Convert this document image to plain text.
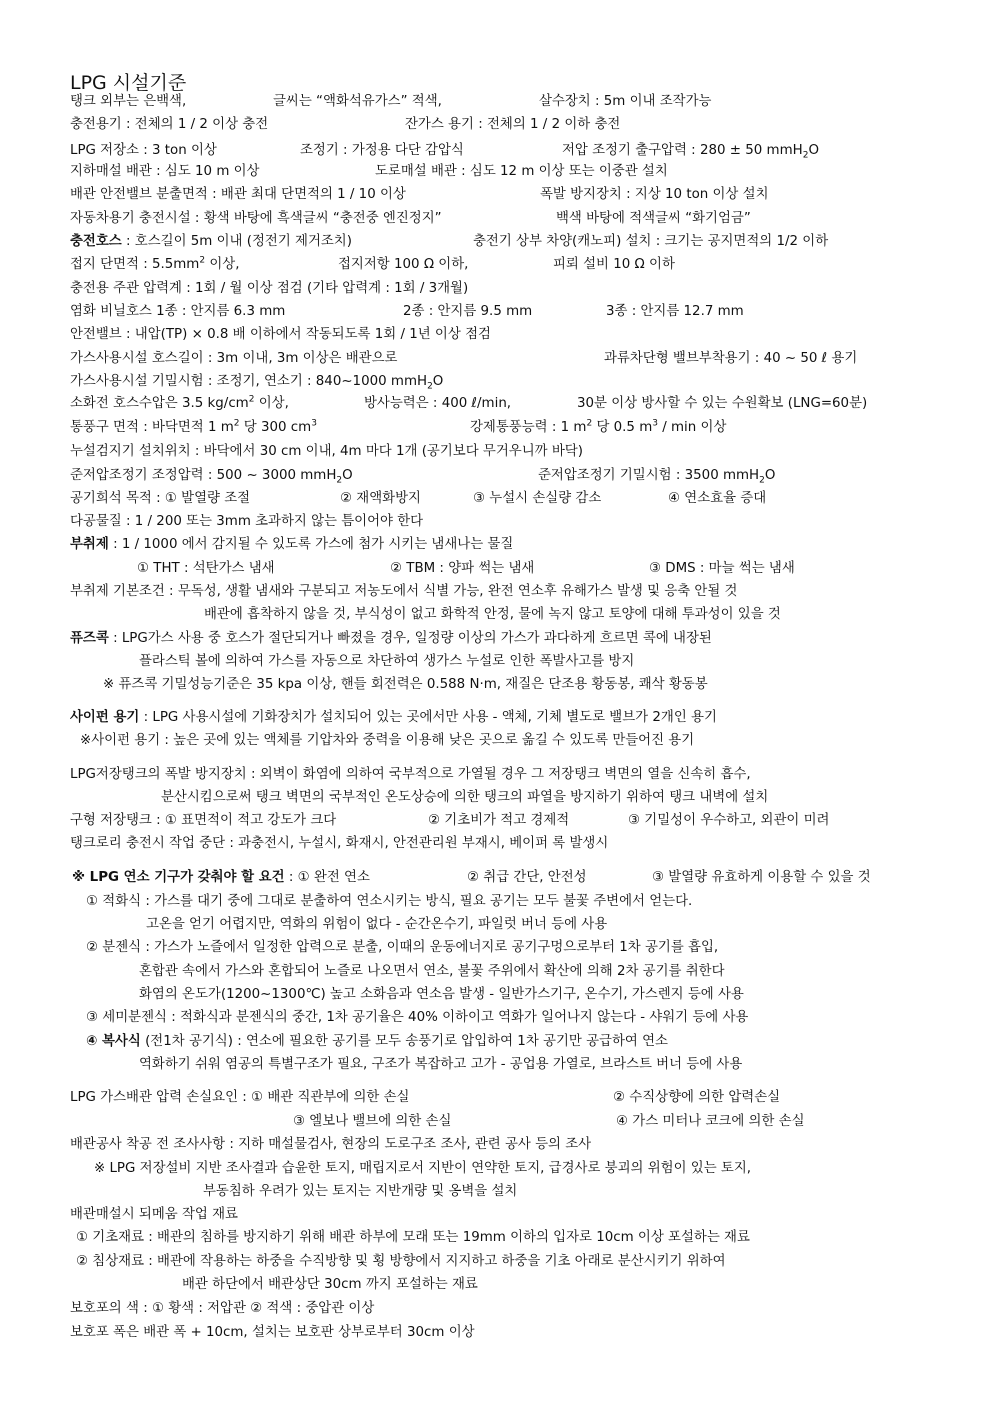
LPG 시설기준
탱크 외부는 은백색,	글씨는 “액화석유가스” 적색,	살수장치 : 5m 이내 조작가능
충전용기 : 전체의 1 / 2 이상 충전	잔가스 용기 : 전체의 1 / 2 이하 충전
LPG 저장소 : 3 ton 이상	조정기 : 가정용 다단 감압식	저압 조정기 출구압력 : 280 ± 50 mmH$_2$O
지하매설 배관 : 심도 10 m 이상	도로매설 배관 : 심도 12 m 이상 또는 이중관 설치
배관 안전밸브 분출면적 : 배관 최대 단면적의 1 / 10 이상	폭발 방지장치 : 지상 10 ton 이상 설치
자동차용기 충전시설 : 황색 바탕에 흑색글씨 “충전중 엔진정지”	백색 바탕에 적색글씨 “화기엄금”
충전호스 : 호스길이 5m 이내 (정전기 제거조치)	충전기 상부 차양(캐노피) 설치 : 크기는 공지면적의 1/2 이하
접지 단면적 : $5.5mm^2$ 이상,	접지저항 100 Ω 이하,	피뢰 설비 10 Ω 이하
충전용 주관 압력계 : 1회 / 월 이상 점검 (기타 압력계 : 1회 / 3개월)
염화 비닐호스 1종 : 안지름 6.3 mm	2종 : 안지름 9.5 mm	3종 : 안지름 12.7 mm
안전밸브 : 내압(TP) × 0.8 배 이하에서 작동되도록 1회 / 1년 이상 점검
가스사용시설 호스길이 : 3m 이내, 3m 이상은 배관으로	과류차단형 밸브부착용기 : 40 ~ 50 ℓ 용기
가스사용시설 기밀시험 : 조정기, 연소기 : 840~1000 mmH$_2$O
소화전 호스수압은 3.5 $kg/cm^2$ 이상,	방사능력은 : 400 ℓ/min,	30분 이상 방사할 수 있는 수원확보 (LNG=60분)
통풍구 면적 : 바닥면적 1 $m^2$ 당 300 $cm^3$	강제통풍능력 : 1 $m^2$ 당 0.5 $m^3$ / min 이상
누설검지기 설치위치 : 바닥에서 30 cm 이내, 4m 마다 1개 (공기보다 무거우니까 바닥)
준저압조정기 조정압력 : 500 ~ 3000 mmH$_2$O	준저압조정기 기밀시험 : 3500 mmH$_2$O
공기희석 목적 : ① 발열량 조절	② 재액화방지	③ 누설시 손실량 감소	④ 연소효율 증대
다공물질 : 1 / 200 또는 3mm 초과하지 않는 틈이어야 한다
부취제 : 1 / 1000 에서 감지될 수 있도록 가스에 첨가 시키는 냄새나는 물질
① THT : 석탄가스 냄새	② TBM : 양파 썩는 냄새	③ DMS : 마늘 썩는 냄새
부취제 기본조건 : 무독성, 생활 냄새와 구분되고 저농도에서 식별 가능, 완전 연소후 유해가스 발생 및 응축 안될 것
배관에 흡착하지 않을 것, 부식성이 없고 화학적 안정, 물에 녹지 않고 토양에 대해 투과성이 있을 것
퓨즈콕 : LPG가스 사용 중 호스가 절단되거나 빠졌을 경우, 일정량 이상의 가스가 과다하게 흐르면 콕에 내장된
플라스틱 볼에 의하여 가스를 자동으로 차단하여 생가스 누설로 인한 폭발사고를 방지
※ 퓨즈콕 기밀성능기준은 35 kpa 이상, 핸들 회전력은 0.588 N·m, 재질은 단조용 황동봉, 쾌삭 황동봉
사이펀 용기 : LPG 사용시설에 기화장치가 설치되어 있는 곳에서만 사용 - 액체, 기체 별도로 밸브가 2개인 용기
※사이펀 용기 : 높은 곳에 있는 액체를 기압차와 중력을 이용해 낮은 곳으로 옮길 수 있도록 만들어진 용기
LPG저장탱크의 폭발 방지장치 : 외벽이 화염에 의하여 국부적으로 가열될 경우 그 저장탱크 벽면의 열을 신속히 흡수,
분산시킴으로써 탱크 벽면의 국부적인 온도상승에 의한 탱크의 파열을 방지하기 위하여 탱크 내벽에 설치
구형 저장탱크 : ① 표면적이 적고 강도가 크다	② 기초비가 적고 경제적	③ 기밀성이 우수하고, 외관이 미려
탱크로리 충전시 작업 중단 : 과충전시, 누설시, 화재시, 안전관리원 부재시, 베이퍼 록 발생시
※ LPG 연소 기구가 갖춰야 할 요건 : ① 완전 연소	② 취급 간단, 안전성	③ 발열량 유효하게 이용할 수 있을 것
① 적화식 : 가스를 대기 중에 그대로 분출하여 연소시키는 방식, 필요 공기는 모두 불꽃 주변에서 얻는다.
고온을 얻기 어렵지만, 역화의 위험이 없다 - 순간온수기, 파일럿 버너 등에 사용
② 분젠식 : 가스가 노즐에서 일정한 압력으로 분출, 이때의 운동에너지로 공기구멍으로부터 1차 공기를 흡입,
혼합관 속에서 가스와 혼합되어 노즐로 나오면서 연소, 불꽃 주위에서 확산에 의해 2차 공기를 취한다
화염의 온도가(1200~1300℃) 높고 소화음과 연소음 발생 - 일반가스기구, 온수기, 가스렌지 등에 사용
③ 세미분젠식 : 적화식과 분젠식의 중간, 1차 공기율은 40% 이하이고 역화가 일어나지 않는다 - 샤워기 등에 사용
④ 복사식 (전1차 공기식) : 연소에 필요한 공기를 모두 송풍기로 압입하여 1차 공기만 공급하여 연소
역화하기 쉬워 염공의 특별구조가 필요, 구조가 복잡하고 고가 - 공업용 가열로, 브라스트 버너 등에 사용
LPG 가스배관 압력 손실요인 : ① 배관 직관부에 의한 손실	② 수직상향에 의한 압력손실
③ 엘보나 밸브에 의한 손실	④ 가스 미터나 코크에 의한 손실
배관공사 착공 전 조사사항 : 지하 매설물검사, 현장의 도로구조 조사, 관련 공사 등의 조사
※ LPG 저장설비 지반 조사결과 습윤한 토지, 매립지로서 지반이 연약한 토지, 급경사로 붕괴의 위험이 있는 토지,
부동침하 우려가 있는 토지는 지반개량 및 옹벽을 설치
배관매설시 되메움 작업 재료
① 기초재료 : 배관의 침하를 방지하기 위해 배관 하부에 모래 또는 19mm 이하의 입자로 10cm 이상 포설하는 재료
② 침상재료 : 배관에 작용하는 하중을 수직방향 및 횡 방향에서 지지하고 하중을 기초 아래로 분산시키기 위하여
배관 하단에서 배관상단 30cm 까지 포설하는 재료
보호포의 색 : ① 황색 : 저압관 ② 적색 : 중압관 이상
보호포 폭은 배관 폭 + 10cm, 설치는 보호판 상부로부터 30cm 이상
